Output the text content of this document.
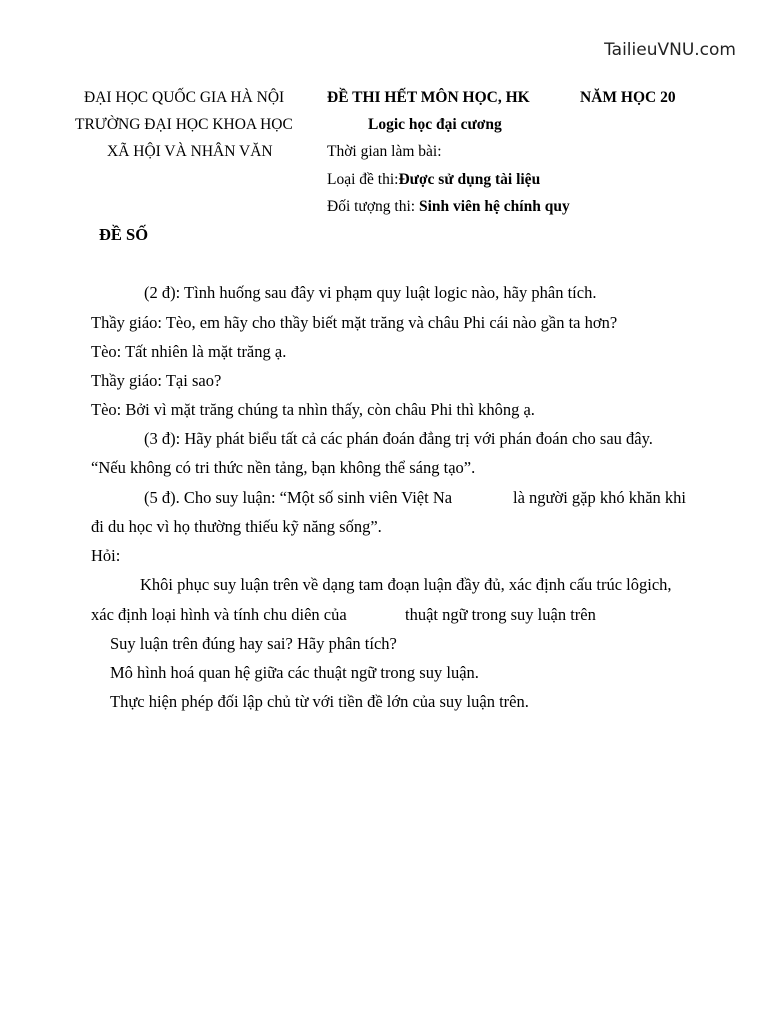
TailieuVNU.com
ĐẠI HỌC QUỐC GIA HÀ NỘI
TRƯỜNG ĐẠI HỌC KHOA HỌC
XÃ HỘI VÀ NHÂN VĂN
ĐỀ THI HẾT MÔN HỌC, HK	NĂM HỌC 20
Logic học đại cương
Thời gian làm bài:
Loại đề thi:Được sử dụng tài liệu
Đối tượng thi: Sinh viên hệ chính quy
ĐỀ SỐ
(2 đ): Tình huống sau đây vi phạm quy luật logic nào, hãy phân tích.
Thầy giáo: Tèo, em hãy cho thầy biết mặt trăng và châu Phi cái nào gần ta hơn?
Tèo: Tất nhiên là mặt trăng ạ.
Thầy giáo: Tại sao?
Tèo: Bởi vì mặt trăng chúng ta nhìn thấy, còn châu Phi thì không ạ.
(3 đ): Hãy phát biểu tất cả các phán đoán đẳng trị với phán đoán cho sau đây.
“Nếu không có tri thức nền tảng, bạn không thể sáng tạo”.
(5 đ). Cho suy luận: “Một số sinh viên Việt Na	là người gặp khó khăn khi
đi du học vì họ thường thiếu kỹ năng sống”.
Hỏi:
Khôi phục suy luận trên về dạng tam đoạn luận đầy đủ, xác định cấu trúc lôgich,
xác định loại hình và tính chu diên của	thuật ngữ trong suy luận trên
Suy luận trên đúng hay sai? Hãy phân tích?
Mô hình hoá quan hệ giữa các thuật ngữ trong suy luận.
Thực hiện phép đối lập chủ từ với tiền đề lớn của suy luận trên.
